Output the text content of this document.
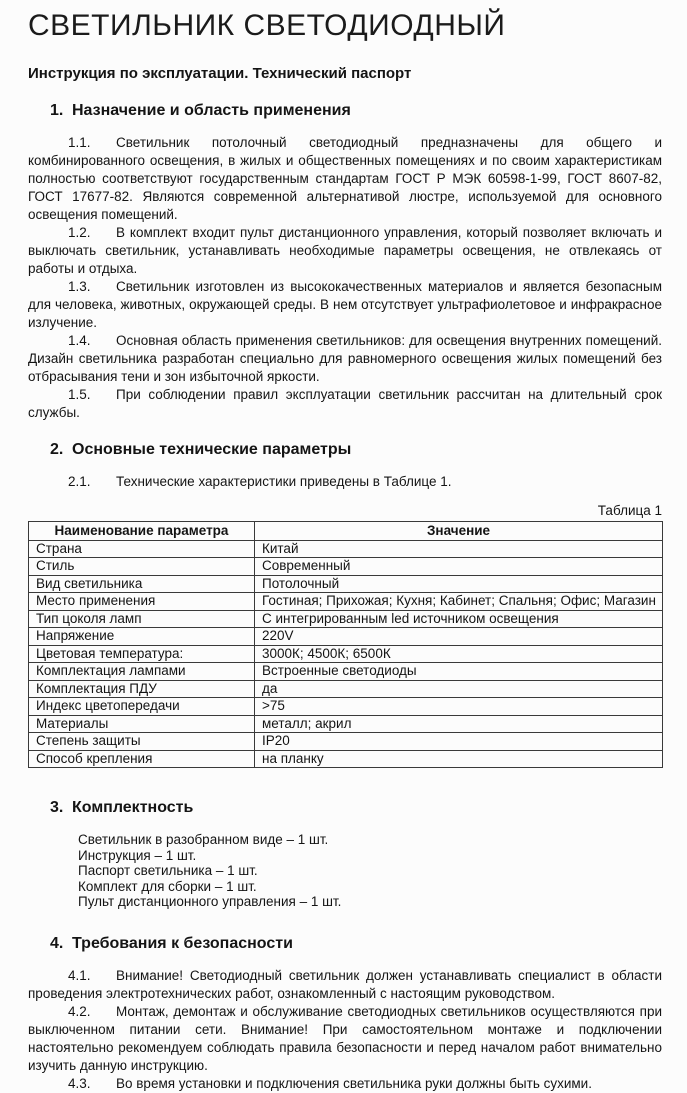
СВЕТИЛЬНИК СВЕТОДИОДНЫЙ
Инструкция по эксплуатации. Технический паспорт
1. Назначение и область применения

1.1. Светильник потолочный светодиодный предназначены для общего и комбинированного освещения, в жилых и общественных помещениях и по своим характеристикам полностью соответствуют государственным стандартам ГОСТ Р МЭК 60598-1-99, ГОСТ 8607-82, ГОСТ 17677-82. Являются современной альтернативой люстре, используемой для основного освещения помещений.

1.2. В комплект входит пульт дистанционного управления, который позволяет включать и выключать светильник, устанавливать необходимые параметры освещения, не отвлекаясь от работы и отдыха.

1.3. Светильник изготовлен из высококачественных материалов и является безопасным для человека, животных, окружающей среды. В нем отсутствует ультрафиолетовое и инфракрасное излучение.

1.4. Основная область применения светильников: для освещения внутренних помещений. Дизайн светильника разработан специально для равномерного освещения жилых помещений без отбрасывания тени и зон избыточной яркости.

1.5. При соблюдении правил эксплуатации светильник рассчитан на длительный срок службы.

2. Основные технические параметры

2.1. Технические характеристики приведены в Таблице 1.

Таблица 1
Наименование параметра	Значение
Страна	Китай
Стиль	Современный
Вид светильника	Потолочный
Место применения	Гостиная; Прихожая; Кухня; Кабинет; Спальня; Офис; Магазин
Тип цоколя ламп	С интегрированным led источником освещения
Напряжение	220V
Цветовая температура:	3000К; 4500К; 6500К
Комплектация лампами	Встроенные светодиоды
Комплектация ПДУ	да
Индекс цветопередачи	>75
Материалы	металл; акрил
Степень защиты	IP20
Способ крепления	на планку
3. Комплектность

Светильник в разобранном виде – 1 шт.

Инструкция – 1 шт.

Паспорт светильника – 1 шт.

Комплект для сборки – 1 шт.

Пульт дистанционного управления – 1 шт.

4. Требования к безопасности

4.1. Внимание! Светодиодный светильник должен устанавливать специалист в области проведения электротехнических работ, ознакомленный с настоящим руководством.

4.2. Монтаж, демонтаж и обслуживание светодиодных светильников осуществляются при выключенном питании сети. Внимание! При самостоятельном монтаже и подключении настоятельно рекомендуем соблюдать правила безопасности и перед началом работ внимательно изучить данную инструкцию.

4.3. Во время установки и подключения светильника руки должны быть сухими.
